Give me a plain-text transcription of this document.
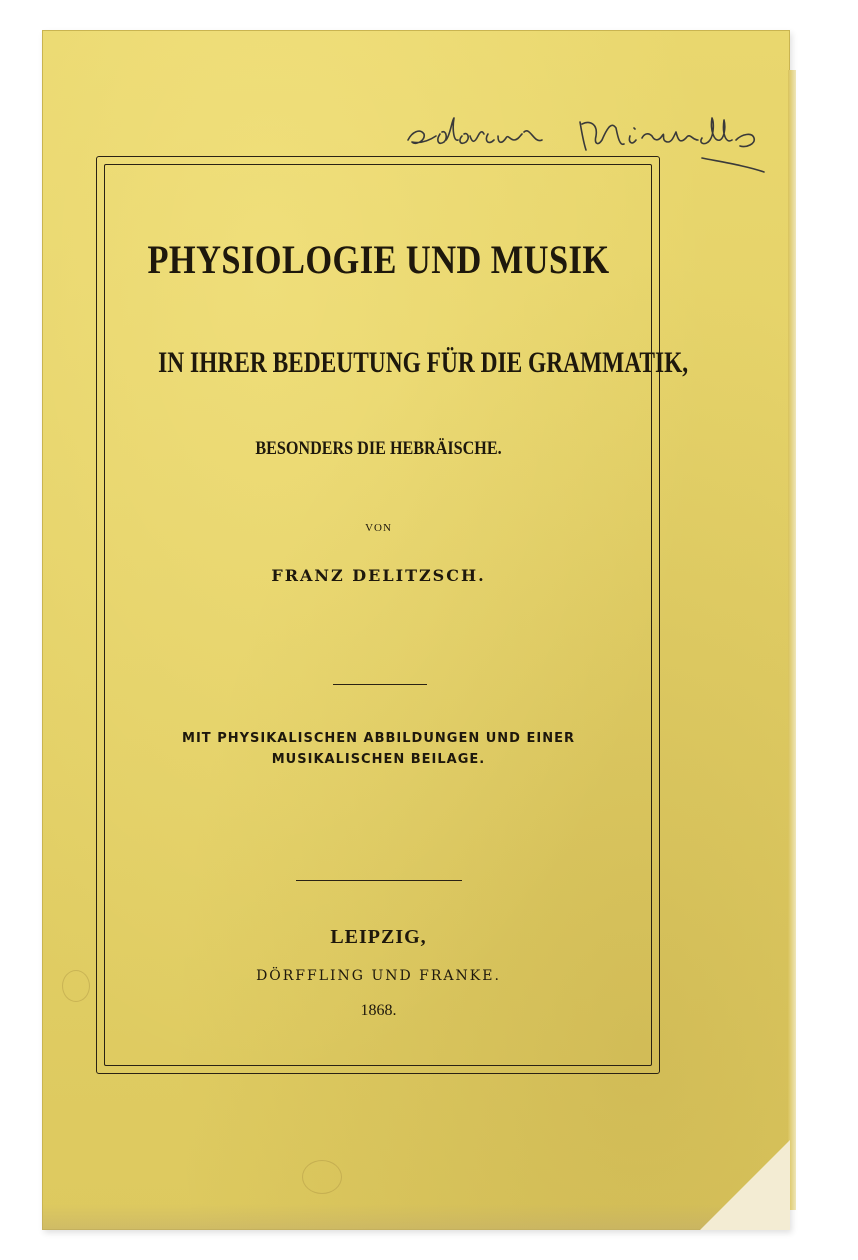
PHYSIOLOGIE UND MUSIK
IN IHRER BEDEUTUNG FÜR DIE GRAMMATIK,
BESONDERS DIE HEBRÄISCHE.
VON
FRANZ DELITZSCH.
MIT PHYSIKALISCHEN ABBILDUNGEN UND EINER
MUSIKALISCHEN BEILAGE.
LEIPZIG,
DÖRFFLING UND FRANKE.
1868.
